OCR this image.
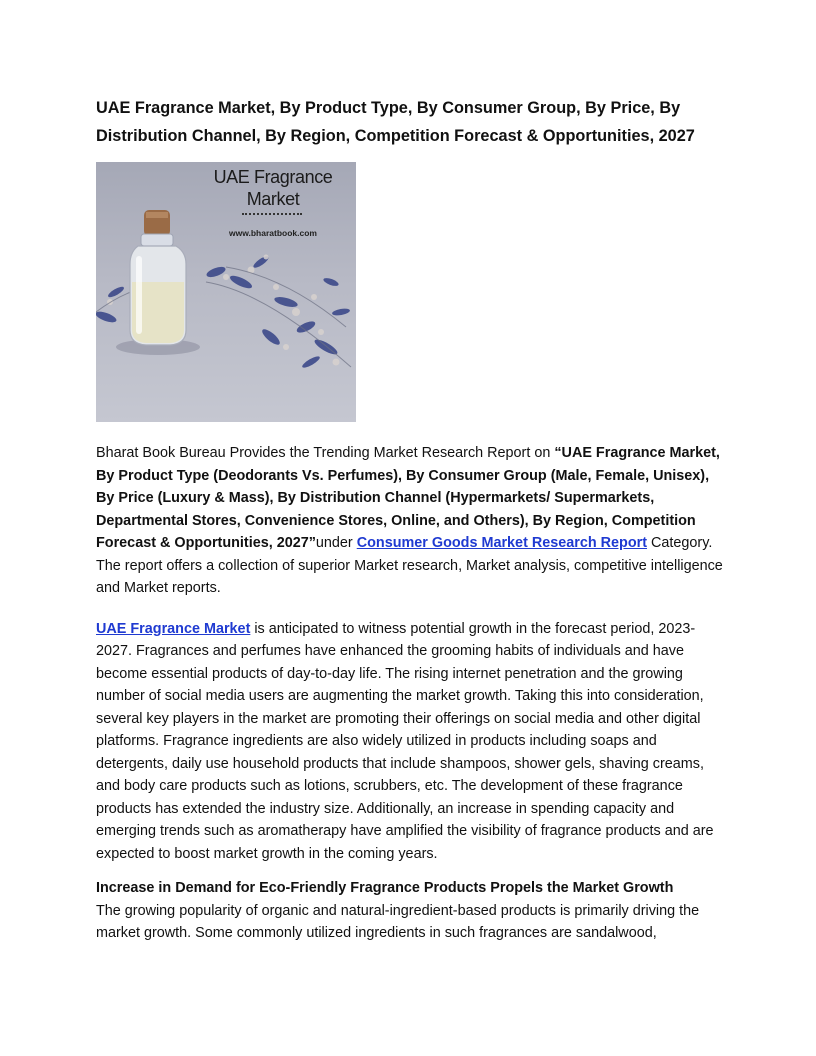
UAE Fragrance Market, By Product Type, By Consumer Group, By Price, By Distribution Channel, By Region, Competition Forecast & Opportunities, 2027
UAE Fragrance Market
www.bharatbook.com

Bharat Book Bureau Provides the Trending Market Research Report on “UAE Fragrance Market, By Product Type (Deodorants Vs. Perfumes), By Consumer Group (Male, Female, Unisex), By Price (Luxury & Mass), By Distribution Channel (Hypermarkets/ Supermarkets, Departmental Stores, Convenience Stores, Online, and Others), By Region, Competition Forecast & Opportunities, 2027”under Consumer Goods Market Research Report Category. The report offers a collection of superior Market research, Market analysis, competitive intelligence and Market reports.

UAE Fragrance Market is anticipated to witness potential growth in the forecast period, 2023-2027. Fragrances and perfumes have enhanced the grooming habits of individuals and have become essential products of day-to-day life. The rising internet penetration and the growing number of social media users are augmenting the market growth. Taking this into consideration, several key players in the market are promoting their offerings on social media and other digital platforms. Fragrance ingredients are also widely utilized in products including soaps and detergents, daily use household products that include shampoos, shower gels, shaving creams, and body care products such as lotions, scrubbers, etc. The development of these fragrance products has extended the industry size. Additionally, an increase in spending capacity and emerging trends such as aromatherapy have amplified the visibility of fragrance products and are expected to boost market growth in the coming years.

Increase in Demand for Eco-Friendly Fragrance Products Propels the Market Growth

The growing popularity of organic and natural-ingredient-based products is primarily driving the market growth. Some commonly utilized ingredients in such fragrances are sandalwood,
